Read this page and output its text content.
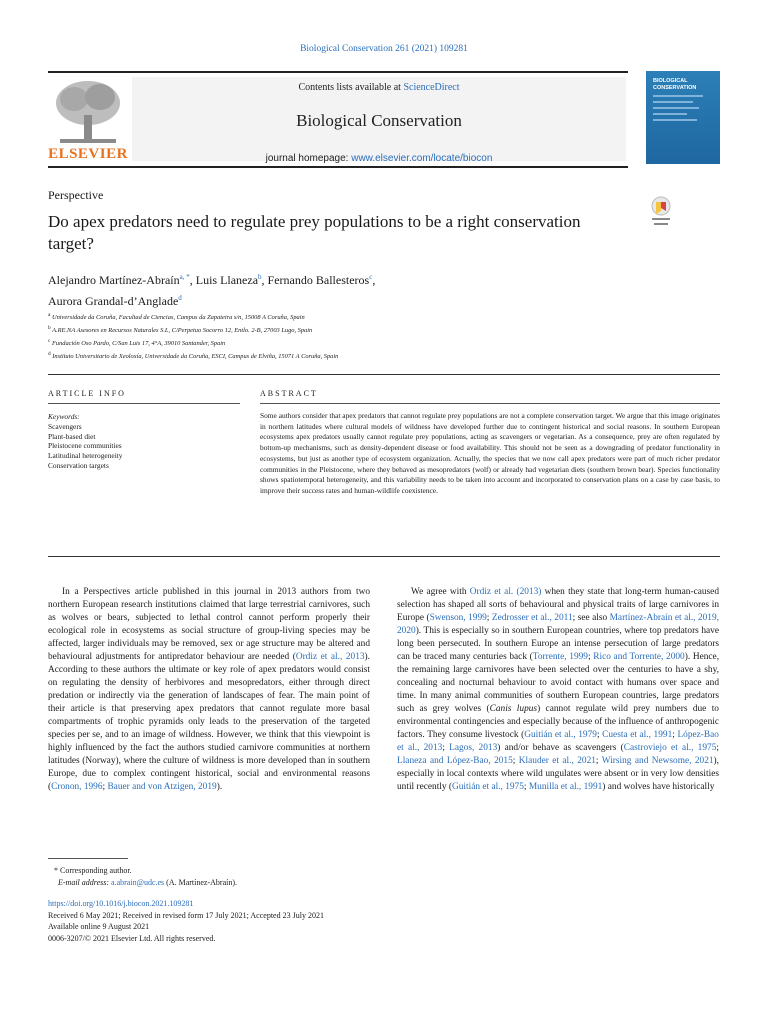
Biological Conservation 261 (2021) 109281
ELSEVIER
Contents lists available at ScienceDirect
Biological Conservation
journal homepage: www.elsevier.com/locate/biocon
BIOLOGICAL CONSERVATION
Perspective
Do apex predators need to regulate prey populations to be a right conservation target?
Alejandro Martínez-Abraín$^{a, *}$, Luis Llaneza$^b$, Fernando Ballesteros$^c$,
Aurora Grandal-d’Anglade$^d$
$^a$ Universidade da Coruña, Facultad de Ciencias, Campus da Zapateira s/n, 15008 A Coruña, Spain
$^b$ A.RE.NA Asesores en Recursos Naturales S.L, C/Perpetuo Socorro 12, Entlo. 2-B, 27003 Lugo, Spain
$^c$ Fundación Oso Pardo, C/San Luis 17, 4°A, 39010 Santander, Spain
$^d$ Instituto Universitario de Xeoloxía, Universidade da Coruña, ESCI, Campus de Elviña, 15071 A Coruña, Spain
ARTICLE INFO	ABSTRACT
Keywords:
Scavengers
Plant-based diet
Pleistocene communities
Latitudinal heterogeneity
Conservation targets
Some authors consider that apex predators that cannot regulate prey populations are not a complete conservation target. We argue that this image originates in northern latitudes where cultural models of wildness have developed further due to contingent historical and social reasons. In southern European ecosystems apex predators usually cannot regulate prey populations, acting as scavengers or vegetarian. As a consequence, prey are often regulated by bottom-up mechanisms, such as density-dependent disease or food availability. This should not be seen as a downgrading of predator functionality in ecosystems, but just as another type of ecosystem organization. Actually, the species that we now call apex predators were part of much richer predator communities in the Pleistocene, where they behaved as mesopredators (wolf) or already had vegetarian diets (southern brown bear). Species functionality shows spatiotemporal heterogeneity, and this variability needs to be taken into account and incorporated to conservation plans on a case by case basis, to improve their success rates and human-wildlife coexistence.

In a Perspectives article published in this journal in 2013 authors from two northern European research institutions claimed that large terrestrial carnivores, such as wolves or bears, subjected to lethal control cannot perform properly their ecological role in ecosystems as social structure of group-living species may be affected, larger individuals may be removed, sex or age structure may be altered and behavioural adjustments for antipredator behaviour are needed (Ordiz et al., 2013). According to these authors the ultimate or key role of apex predators would consist on regulating the density of herbivores and mesopredators, either through direct predation or indirectly via the generation of landscapes of fear. The main point of their article is that preserving apex predators that cannot regulate more basal compartments of trophic pyramids only leads to the preservation of the targeted species per se, and to an image of wildness. However, we think that this viewpoint is highly influenced by the fact the authors studied carnivore communities at northern latitudes (Norway), where the culture of wildness is more developed than in southern Europe, due to complex contingent historical, social and environmental reasons (Cronon, 1996; Bauer and von Atzigen, 2019).

We agree with Ordiz et al. (2013) when they state that long-term human-caused selection has shaped all sorts of behavioural and physical traits of large carnivores in Europe (Swenson, 1999; Zedrosser et al., 2011; see also Martínez-Abraín et al., 2019, 2020). This is especially so in southern European countries, where top predators have long been persecuted. In southern Europe an intense persecution of large predators can be traced many centuries back (Torrente, 1999; Rico and Torrente, 2000). Hence, the remaining large carnivores have been selected over the centuries to have a shy, concealing and nocturnal behaviour to avoid contact with humans over space and time. In many animal communities of southern European countries, large predators such as grey wolves (Canis lupus) cannot regulate wild prey numbers due to environmental contingencies and especially because of the influence of anthropogenic factors. They consume livestock (Guitián et al., 1979; Cuesta et al., 1991; López-Bao et al., 2013; Lagos, 2013) and/or behave as scavengers (Castroviejo et al., 1975; Llaneza and López-Bao, 2015; Klauder et al., 2021; Wirsing and Newsome, 2021), especially in local contexts where wild ungulates were absent or in very low densities until recently (Guitián et al., 1975; Munilla et al., 1991) and wolves have historically

* Corresponding author.
E-mail address: a.abrain@udc.es (A. Martínez-Abraín).
https://doi.org/10.1016/j.biocon.2021.109281
Received 6 May 2021; Received in revised form 17 July 2021; Accepted 23 July 2021
Available online 9 August 2021
0006-3207/© 2021 Elsevier Ltd. All rights reserved.
